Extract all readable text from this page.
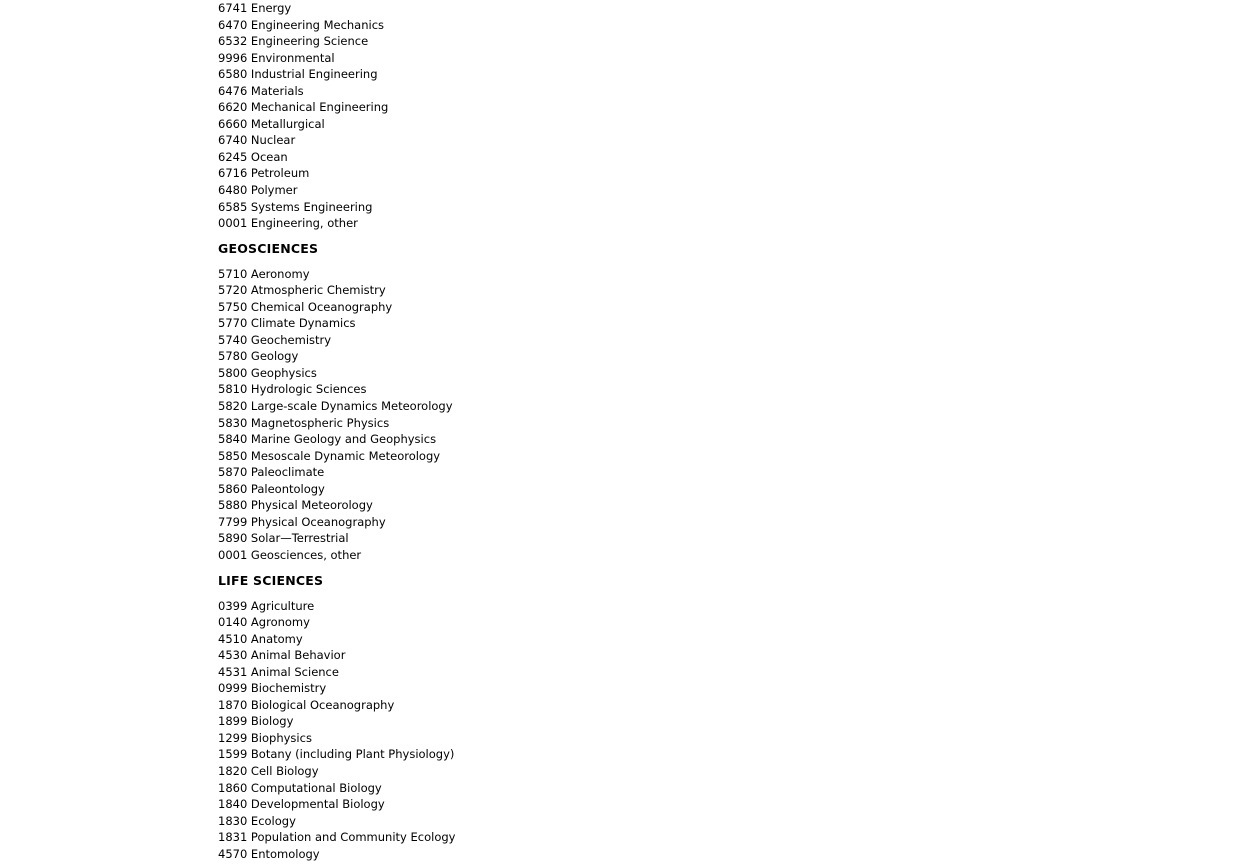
6741 Energy
6470 Engineering Mechanics
6532 Engineering Science
9996 Environmental
6580 Industrial Engineering
6476 Materials
6620 Mechanical Engineering
6660 Metallurgical
6740 Nuclear
6245 Ocean
6716 Petroleum
6480 Polymer
6585 Systems Engineering
0001 Engineering, other
GEOSCIENCES
5710 Aeronomy
5720 Atmospheric Chemistry
5750 Chemical Oceanography
5770 Climate Dynamics
5740 Geochemistry
5780 Geology
5800 Geophysics
5810 Hydrologic Sciences
5820 Large-scale Dynamics Meteorology
5830 Magnetospheric Physics
5840 Marine Geology and Geophysics
5850 Mesoscale Dynamic Meteorology
5870 Paleoclimate
5860 Paleontology
5880 Physical Meteorology
7799 Physical Oceanography
5890 Solar—Terrestrial
0001 Geosciences, other
LIFE SCIENCES
0399 Agriculture
0140 Agronomy
4510 Anatomy
4530 Animal Behavior
4531 Animal Science
0999 Biochemistry
1870 Biological Oceanography
1899 Biology
1299 Biophysics
1599 Botany (including Plant Physiology)
1820 Cell Biology
1860 Computational Biology
1840 Developmental Biology
1830 Ecology
1831 Population and Community Ecology
4570 Entomology
